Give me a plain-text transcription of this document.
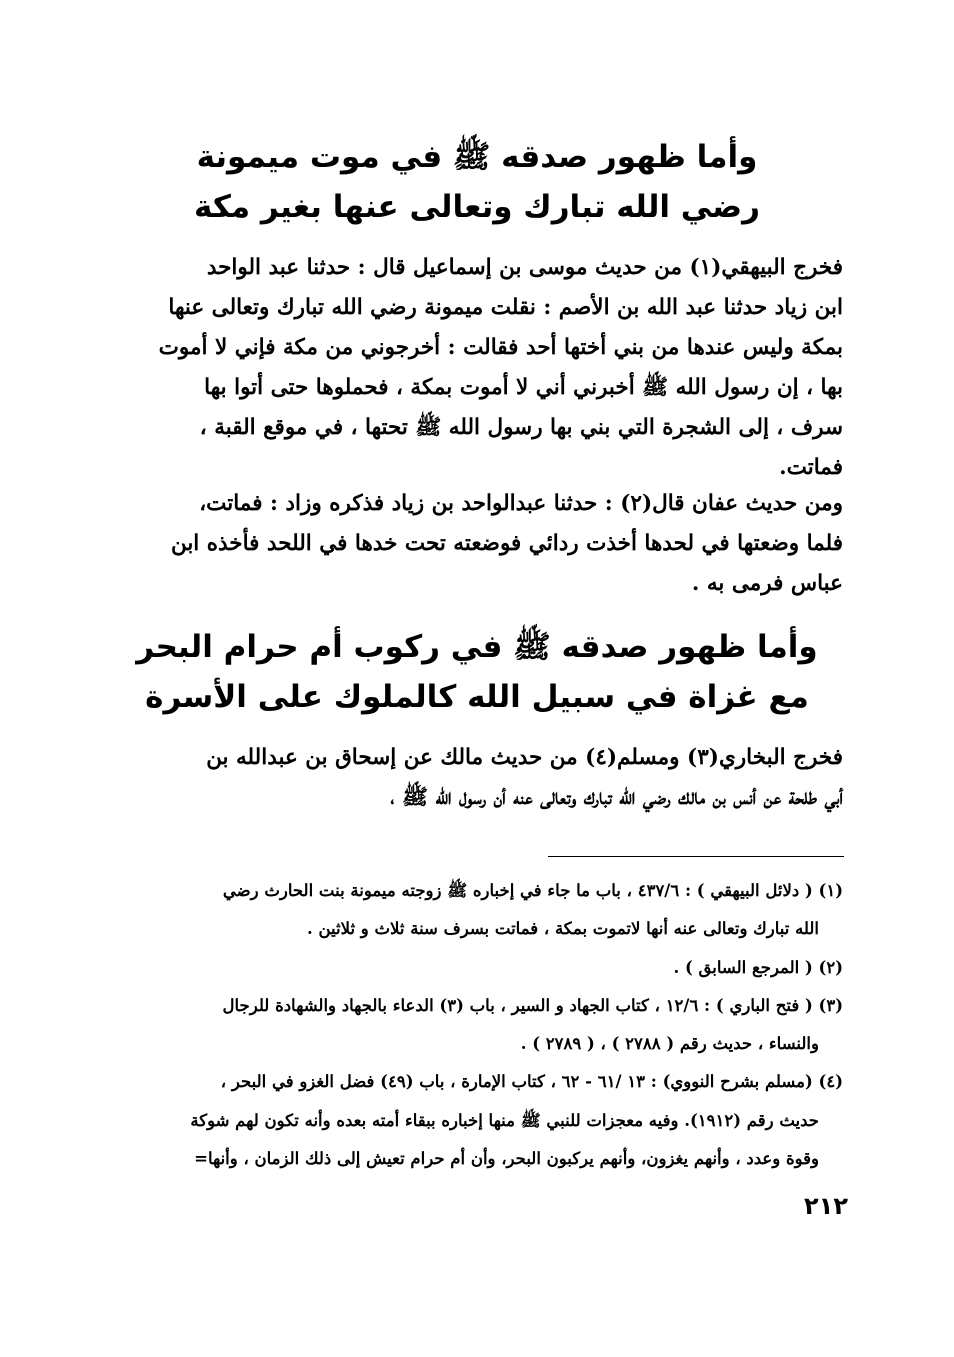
وأما ظهور صدقه ﷺ في موت ميمونة
رضي الله تبارك وتعالى عنها بغير مكة
فخرج البيهقي(١) من حديث موسى بن إسماعيل قال : حدثنا عبد الواحد
ابن زياد حدثنا عبد الله بن الأصم : نقلت ميمونة رضي الله تبارك وتعالى عنها
بمكة وليس عندها من بني أختها أحد فقالت : أخرجوني من مكة فإني لا أموت
بها ، إن رسول الله ﷺ أخبرني أني لا أموت بمكة ، فحملوها حتى أتوا بها
سرف ، إلى الشجرة التي بني بها رسول الله ﷺ تحتها ، في موقع القبة ،
فماتت.
ومن حديث عفان قال(٢) : حدثنا عبدالواحد بن زياد فذكره وزاد : فماتت،
فلما وضعتها في لحدها أخذت ردائي فوضعته تحت خدها في اللحد فأخذه ابن
عباس فرمى به .
وأما ظهور صدقه ﷺ في ركوب أم حرام البحر
مع غزاة في سبيل الله كالملوك على الأسرة
فخرج البخاري(٣) ومسلم(٤) من حديث مالك عن إسحاق بن عبدالله بن
أبي طلحة عن أنس بن مالك رضي الله تبارك وتعالى عنه أن رسول الله ﷺ ،
(١) ( دلائل البيهقي ) : ٤٣٧/٦ ، باب ما جاء في إخباره ﷺ زوجته ميمونة بنت الحارث رضي
الله تبارك وتعالى عنه أنها لاتموت بمكة ، فماتت بسرف سنة ثلاث و ثلاثين .
(٢) ( المرجع السابق ) .
(٣) ( فتح الباري ) : ١٢/٦ ، كتاب الجهاد و السير ، باب (٣) الدعاء بالجهاد والشهادة للرجال
والنساء ، حديث رقم ( ٢٧٨٨ ) ، ( ٢٧٨٩ ) .
(٤) (مسلم بشرح النووي) : ١٣ /٦١ - ٦٢ ، كتاب الإمارة ، باب (٤٩) فضل الغزو في البحر ،
حديث رقم (١٩١٢). وفيه معجزات للنبي ﷺ منها إخباره ببقاء أمته بعده وأنه تكون لهم شوكة
وقوة وعدد ، وأنهم يغزون، وأنهم يركبون البحر، وأن أم حرام تعيش إلى ذلك الزمان ، وأنها=
٢١٢
